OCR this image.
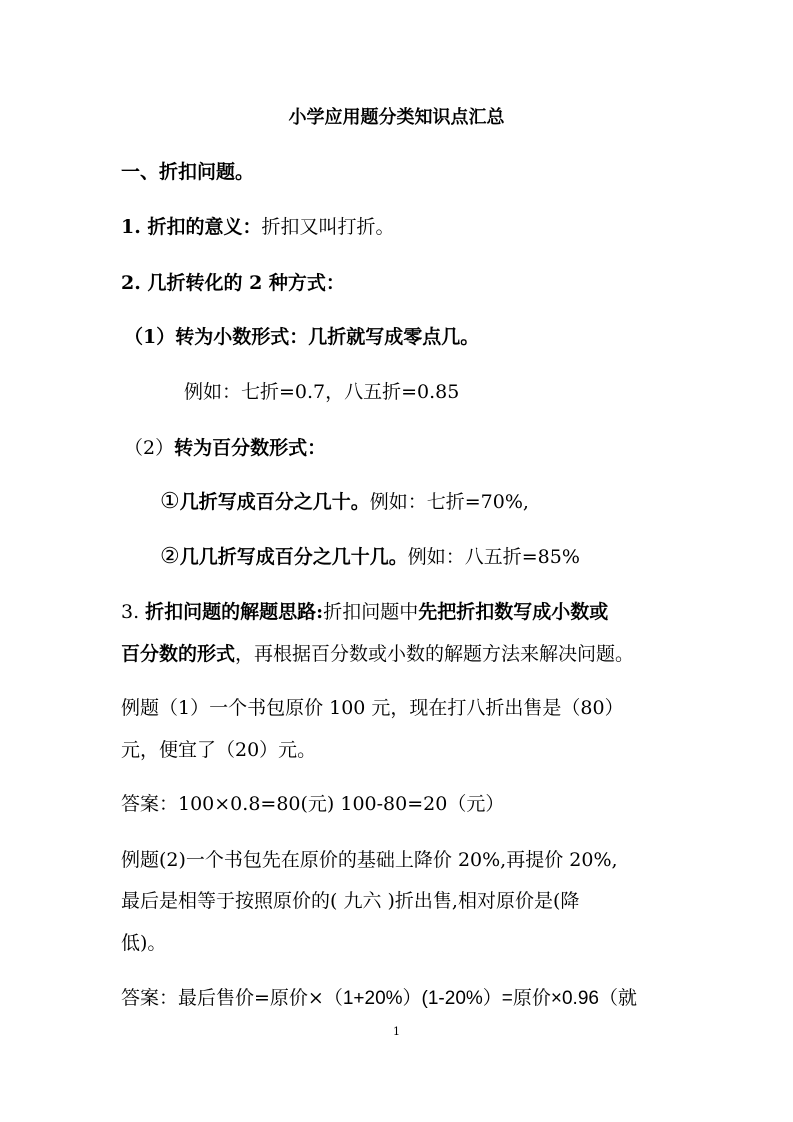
小学应用题分类知识点汇总
一、折扣问题。
1. 折扣的意义：折扣又叫打折。
2. 几折转化的 2 种方式：
（1）转为小数形式：几折就写成零点几。
例如：七折=0.7，八五折=0.85
（2）转为百分数形式：
①几折写成百分之几十。例如：七折=70%,
②几几折写成百分之几十几。例如：八五折=85%
3. 折扣问题的解题思路:折扣问题中先把折扣数写成小数或
百分数的形式，再根据百分数或小数的解题方法来解决问题。
例题（1）一个书包原价 100 元，现在打八折出售是（80）
元，便宜了（20）元。
答案：100×0.8=80(元) 100-80=20（元）
例题(2)一个书包先在原价的基础上降价 20%,再提价 20%,
最后是相等于按照原价的( 九六 )折出售,相对原价是(降
低)。
答案：最后售价=原价×（1+20%）(1-20%）=原价×0.96（就
1
